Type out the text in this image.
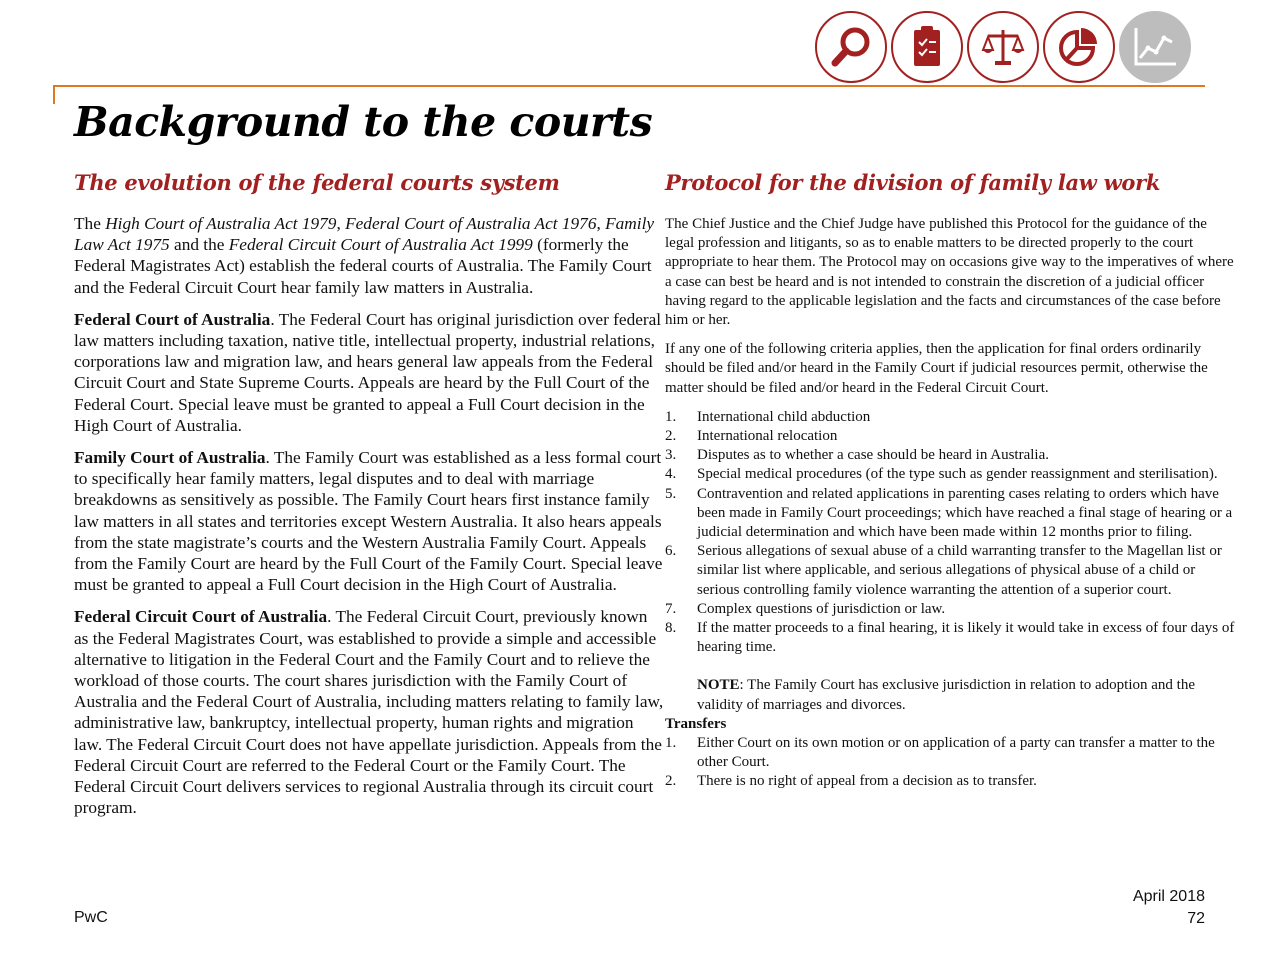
Background to the courts
The evolution of the federal courts system	Protocol for the division of family law work

The High Court of Australia Act 1979, Federal Court of Australia Act 1976, Family Law Act 1975 and the Federal Circuit Court of Australia Act 1999 (formerly the Federal Magistrates Act) establish the federal courts of Australia. The Family Court and the Federal Circuit Court hear family law matters in Australia.

Federal Court of Australia. The Federal Court has original jurisdiction over federal law matters including taxation, native title, intellectual property, industrial relations, corporations law and migration law, and hears general law appeals from the Federal Circuit Court and State Supreme Courts. Appeals are heard by the Full Court of the Federal Court. Special leave must be granted to appeal a Full Court decision in the High Court of Australia.

Family Court of Australia. The Family Court was established as a less formal court to specifically hear family matters, legal disputes and to deal with marriage breakdowns as sensitively as possible. The Family Court hears first instance family law matters in all states and territories except Western Australia. It also hears appeals from the state magistrate’s courts and the Western Australia Family Court. Appeals from the Family Court are heard by the Full Court of the Family Court. Special leave must be granted to appeal a Full Court decision in the High Court of Australia.

Federal Circuit Court of Australia. The Federal Circuit Court, previously known as the Federal Magistrates Court, was established to provide a simple and accessible alternative to litigation in the Federal Court and the Family Court and to relieve the workload of those courts. The court shares jurisdiction with the Family Court of Australia and the Federal Court of Australia, including matters relating to family law, administrative law, bankruptcy, intellectual property, human rights and migration law. The Federal Circuit Court does not have appellate jurisdiction. Appeals from the Federal Circuit Court are referred to the Federal Court or the Family Court. The Federal Circuit Court delivers services to regional Australia through its circuit court program.

The Chief Justice and the Chief Judge have published this Protocol for the guidance of the legal profession and litigants, so as to enable matters to be directed properly to the court appropriate to hear them. The Protocol may on occasions give way to the imperatives of where a case can best be heard and is not intended to constrain the discretion of a judicial officer having regard to the applicable legislation and the facts and circumstances of the case before him or her.

If any one of the following criteria applies, then the application for final orders ordinarily should be filed and/or heard in the Family Court if judicial resources permit, otherwise the matter should be filed and/or heard in the Federal Circuit Court.

1. International child abduction
2. International relocation
3. Disputes as to whether a case should be heard in Australia.
4. Special medical procedures (of the type such as gender reassignment and sterilisation).
5. Contravention and related applications in parenting cases relating to orders which have been made in Family Court proceedings; which have reached a final stage of hearing or a judicial determination and which have been made within 12 months prior to filing.
6. Serious allegations of sexual abuse of a child warranting transfer to the Magellan list or similar list where applicable, and serious allegations of physical abuse of a child or serious controlling family violence warranting the attention of a superior court.
7. Complex questions of jurisdiction or law.
8. If the matter proceeds to a final hearing, it is likely it would take in excess of four days of hearing time.
NOTE: The Family Court has exclusive jurisdiction in relation to adoption and the validity of marriages and divorces.
Transfers
1. Either Court on its own motion or on application of a party can transfer a matter to the other Court.
2. There is no right of appeal from a decision as to transfer.
PwC
April 2018
72
